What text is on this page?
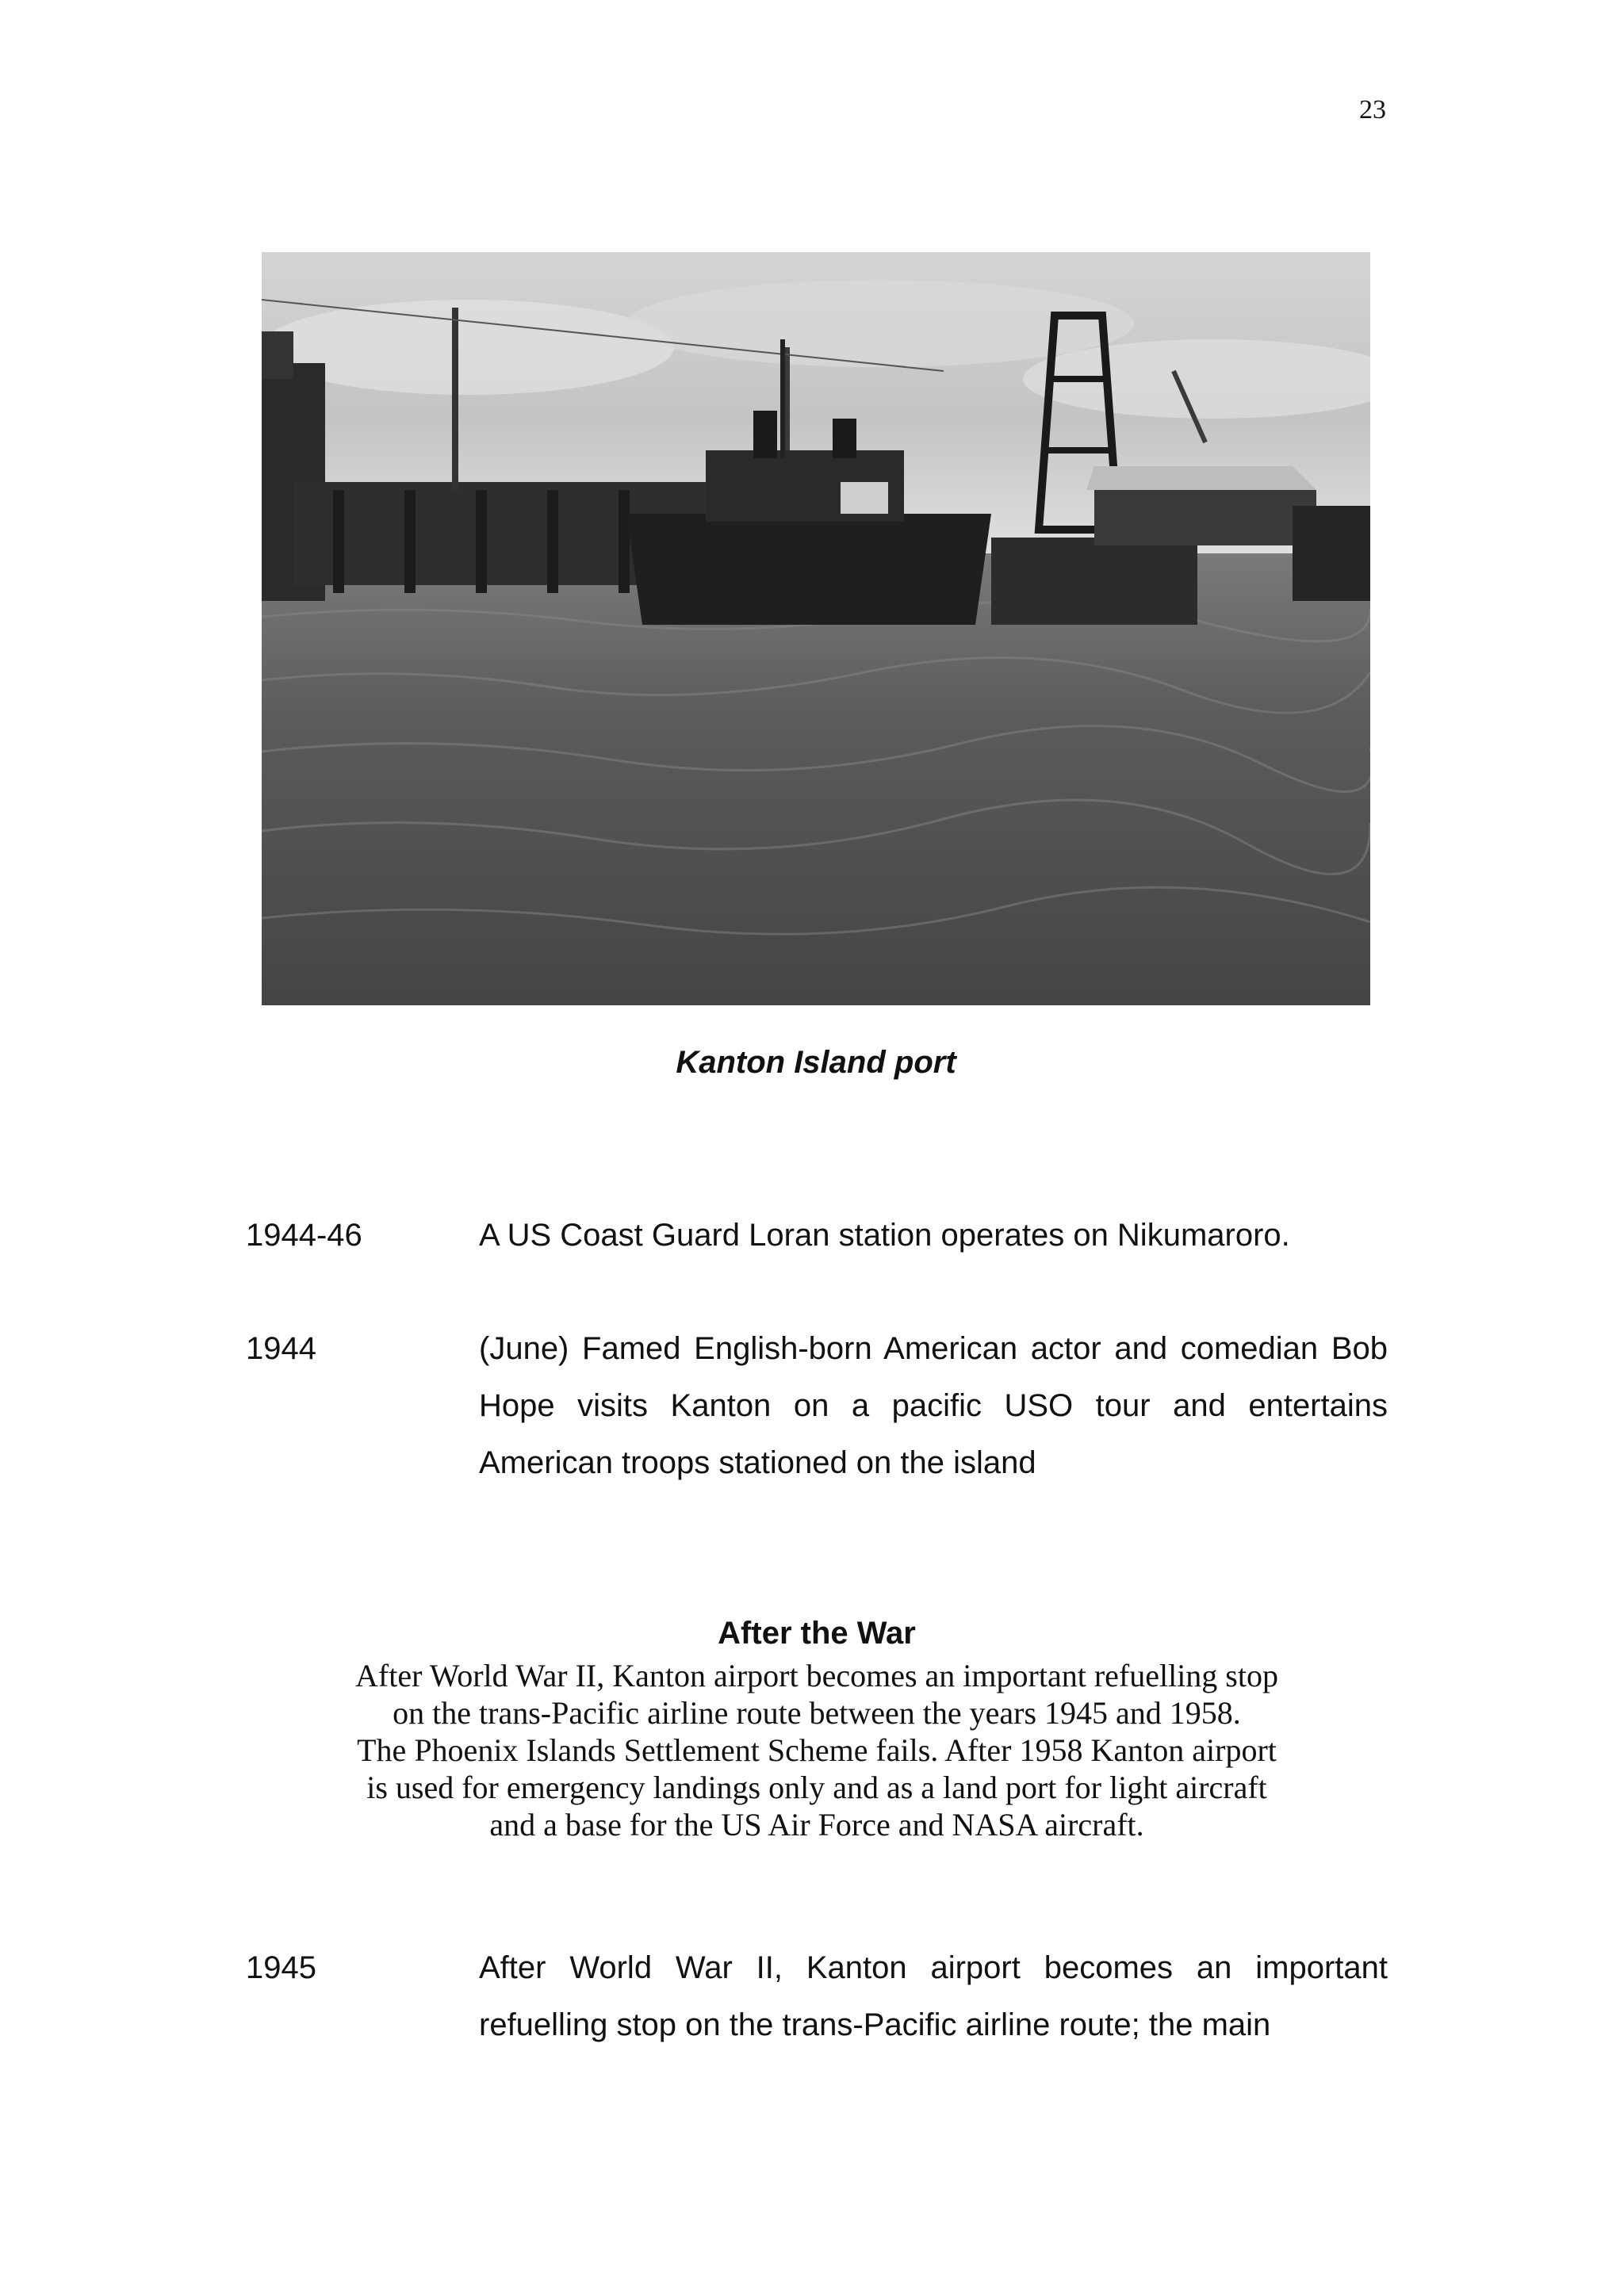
23
Kanton Island port
1944-46	A US Coast Guard Loran station operates on Nikumaroro.
1944	(June) Famed English-born American actor and comedian Bob Hope visits Kanton on a pacific USO tour and entertains American troops stationed on the island
After the War
After World War II, Kanton airport becomes an important refuelling stop
on the trans-Pacific airline route between the years 1945 and 1958.
The Phoenix Islands Settlement Scheme fails. After 1958 Kanton airport
is used for emergency landings only and as a land port for light aircraft
and a base for the US Air Force and NASA aircraft.
1945	After World War II, Kanton airport becomes an important refuelling stop on the trans-Pacific airline route; the main
